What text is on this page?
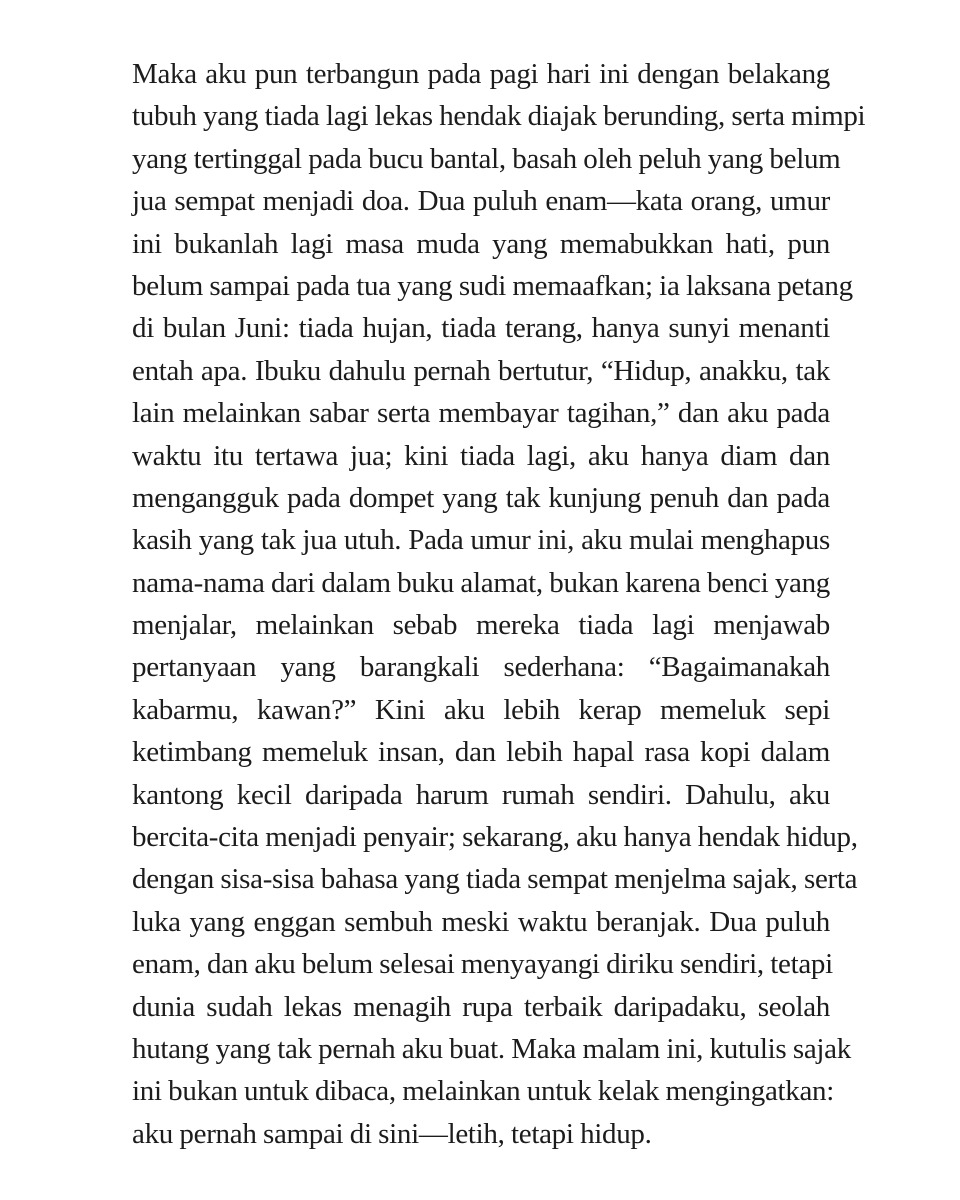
Maka aku pun terbangun pada pagi hari ini dengan belakang
tubuh yang tiada lagi lekas hendak diajak berunding, serta mimpi
yang tertinggal pada bucu bantal, basah oleh peluh yang belum
jua sempat menjadi doa. Dua puluh enam—kata orang, umur
ini bukanlah lagi masa muda yang memabukkan hati, pun
belum sampai pada tua yang sudi memaafkan; ia laksana petang
di bulan Juni: tiada hujan, tiada terang, hanya sunyi menanti
entah apa. Ibuku dahulu pernah bertutur, “Hidup, anakku, tak
lain melainkan sabar serta membayar tagihan,” dan aku pada
waktu itu tertawa jua; kini tiada lagi, aku hanya diam dan
mengangguk pada dompet yang tak kunjung penuh dan pada
kasih yang tak jua utuh. Pada umur ini, aku mulai menghapus
nama-nama dari dalam buku alamat, bukan karena benci yang
menjalar, melainkan sebab mereka tiada lagi menjawab
pertanyaan yang barangkali sederhana: “Bagaimanakah
kabarmu, kawan?” Kini aku lebih kerap memeluk sepi
ketimbang memeluk insan, dan lebih hapal rasa kopi dalam
kantong kecil daripada harum rumah sendiri. Dahulu, aku
bercita-cita menjadi penyair; sekarang, aku hanya hendak hidup,
dengan sisa-sisa bahasa yang tiada sempat menjelma sajak, serta
luka yang enggan sembuh meski waktu beranjak. Dua puluh
enam, dan aku belum selesai menyayangi diriku sendiri, tetapi
dunia sudah lekas menagih rupa terbaik daripadaku, seolah
hutang yang tak pernah aku buat. Maka malam ini, kutulis sajak
ini bukan untuk dibaca, melainkan untuk kelak mengingatkan:
aku pernah sampai di sini—letih, tetapi hidup.
